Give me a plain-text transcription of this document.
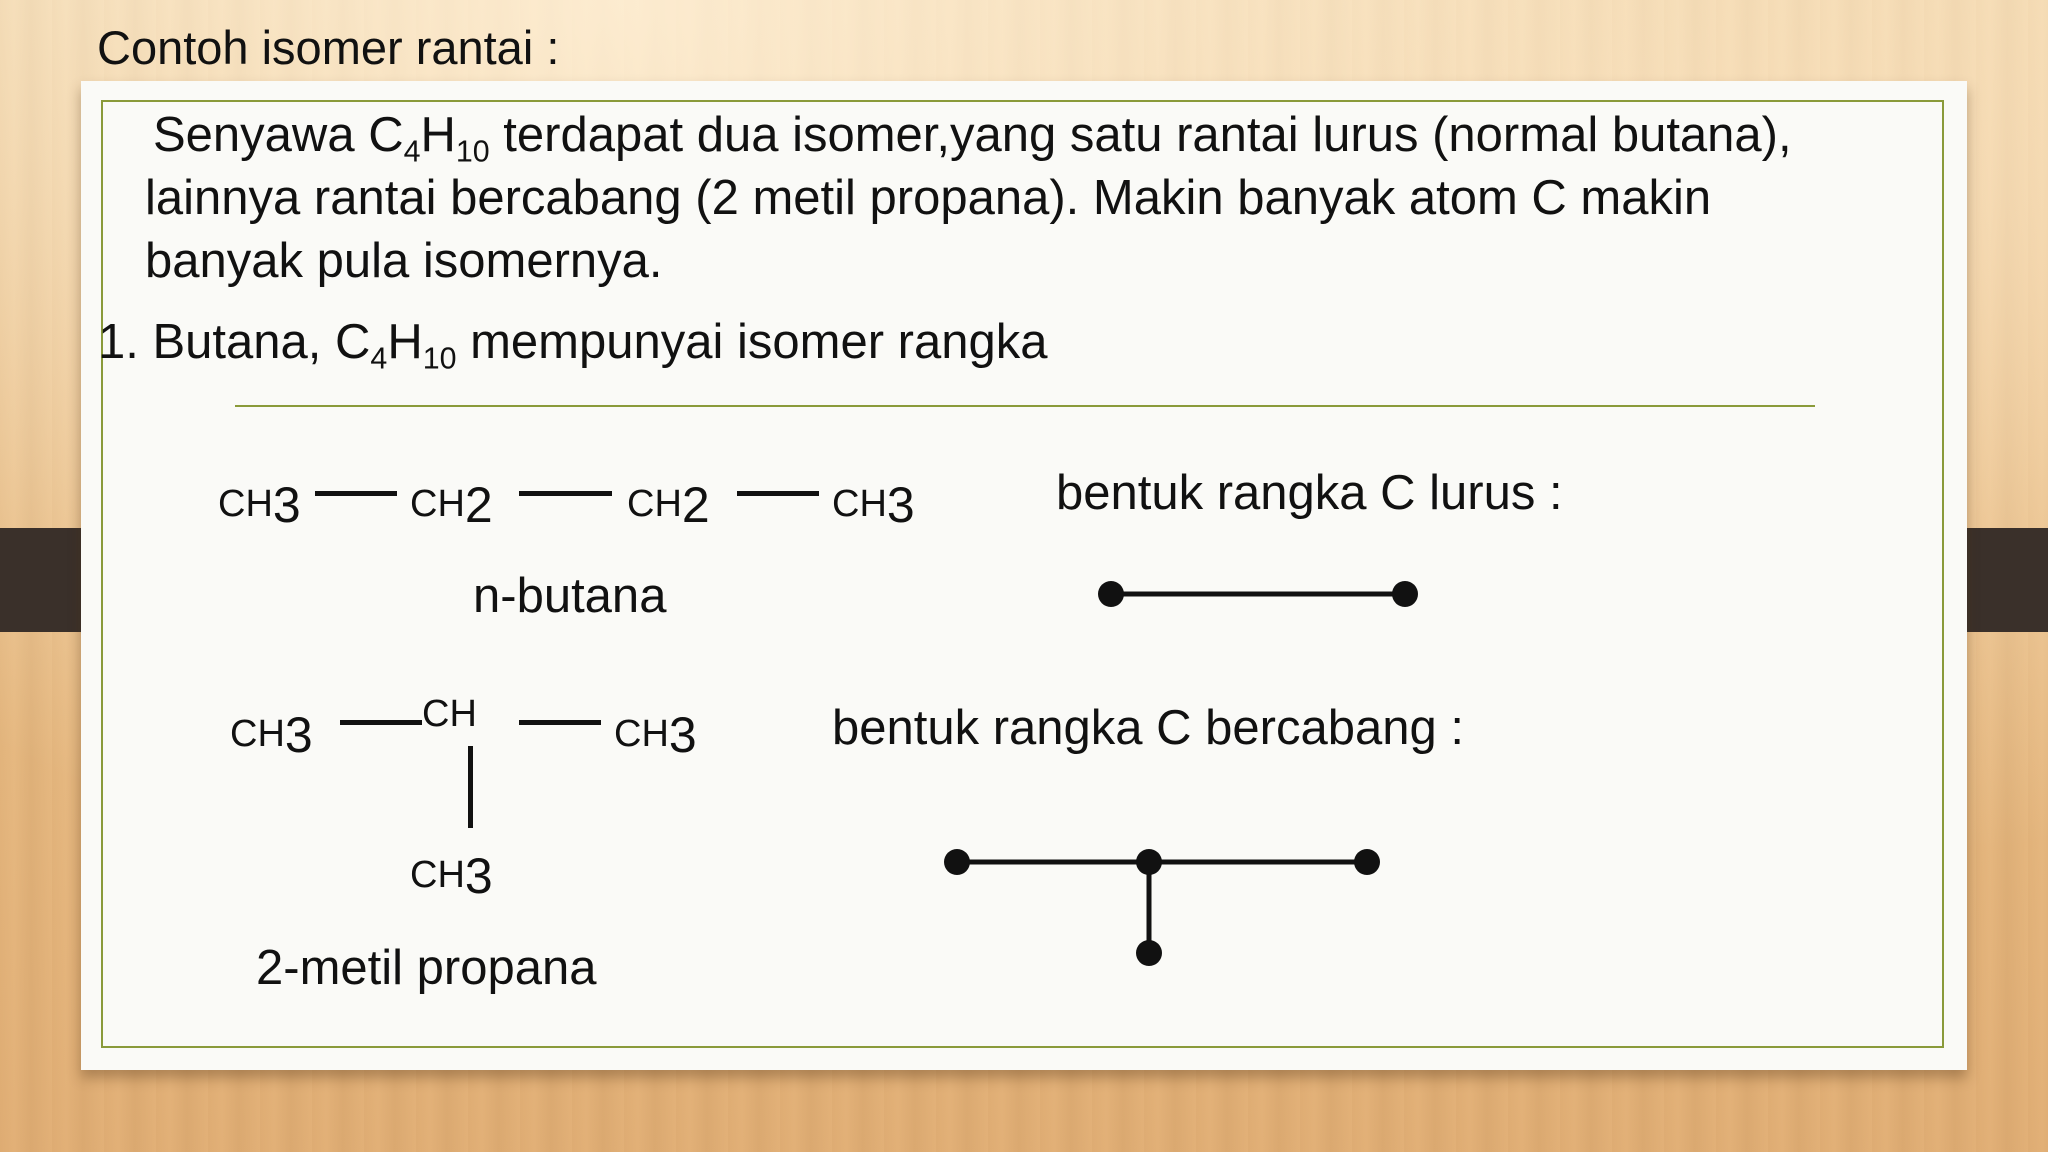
Contoh isomer rantai :
Senyawa $C_4H_{10}$ terdapat dua isomer,yang satu rantai lurus (normal butana),
lainnya rantai bercabang (2 metil propana). Makin banyak atom C makin
banyak pula isomernya.
1. Butana, $C_4H_{10}$ mempunyai isomer rangka
CH3	CH2	CH2	CH3
n-butana
bentuk rangka C lurus :
CH3	CH	CH3
CH3
2-metil propana
bentuk rangka C bercabang :
